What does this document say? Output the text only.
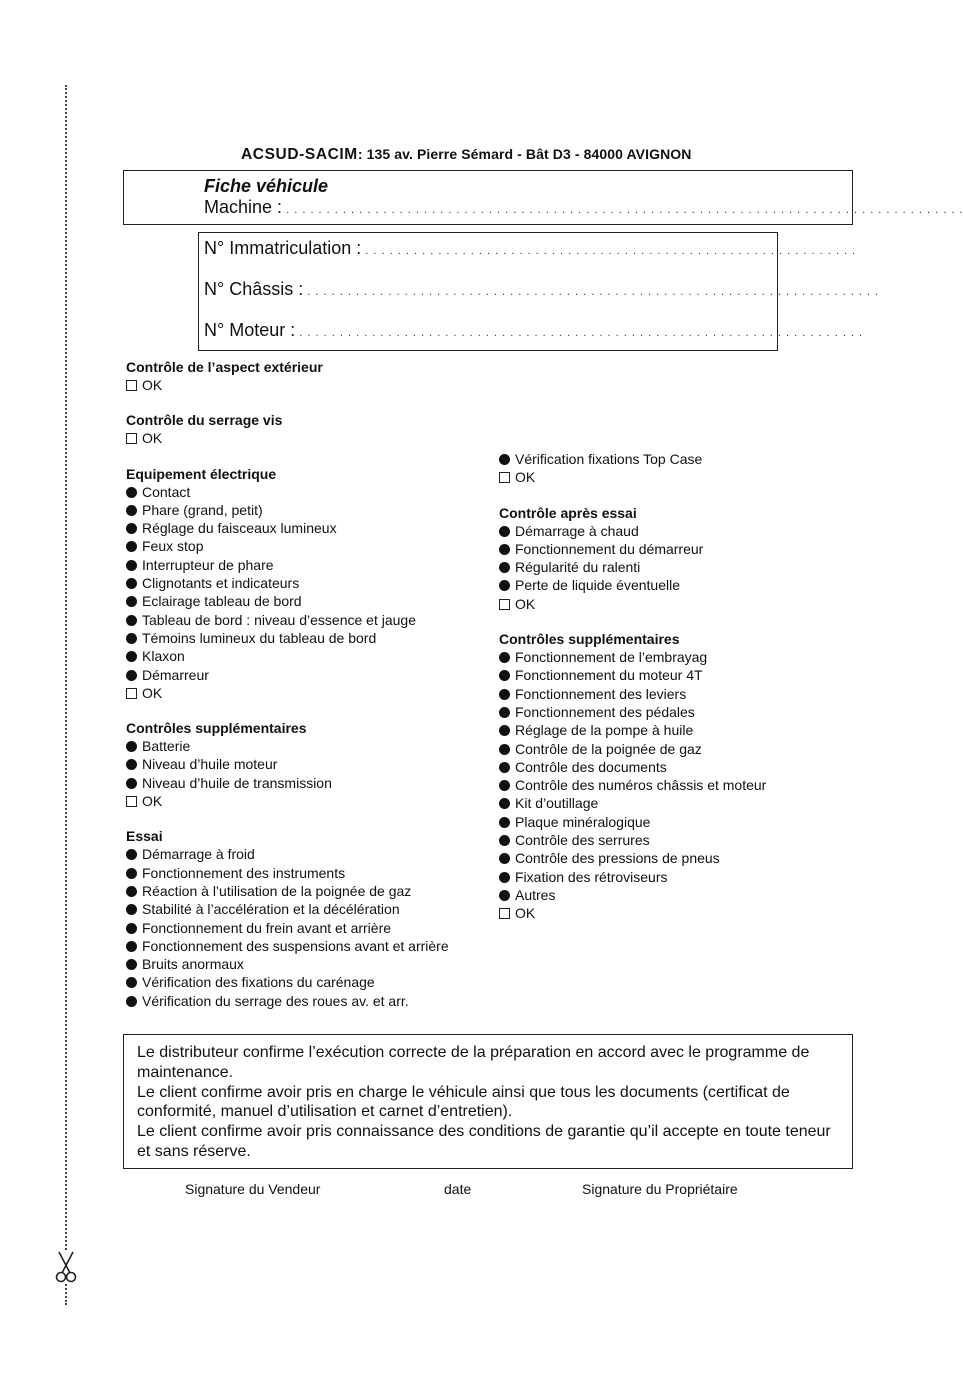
ACSUD-SACIM: 135 av. Pierre Sémard - Bât D3 - 84000 AVIGNON
Fiche véhicule
Machine : . . . . . . . . . . . . . . . . . . . . . . . . . . . . . . . . . . . . . . . . . . . . . . . . . . . . . . . . . . . . . . . . . . . . . . . . . . . . . . . . . . . .
N° Immatriculation : . . . . . . . . . . . . . . . . . . . . . . . . . . . . . . . . . . . . . . . . . . . . . . . . . . . . . . . . . . . . .
N° Châssis : . . . . . . . . . . . . . . . . . . . . . . . . . . . . . . . . . . . . . . . . . . . . . . . . . . . . . . . . . . . . . . . . . . . . . . .
N° Moteur : . . . . . . . . . . . . . . . . . . . . . . . . . . . . . . . . . . . . . . . . . . . . . . . . . . . . . . . . . . . . . . . . . . . . . .
Contrôle de l’aspect extérieur
OK
Contrôle du serrage vis
OK
Equipement électrique
Contact
Phare (grand, petit)
Réglage du faisceaux lumineux
Feux stop
Interrupteur de phare
Clignotants et indicateurs
Eclairage tableau de bord
Tableau de bord : niveau d’essence et jauge
Témoins lumineux du tableau de bord
Klaxon
Démarreur
OK
Contrôles supplémentaires
Batterie
Niveau d’huile moteur
Niveau d’huile de transmission
OK
Essai
Démarrage à froid
Fonctionnement des instruments
Réaction à l’utilisation de la poignée de gaz
Stabilité à l’accélération et la décélération
Fonctionnement du frein avant et arrière
Fonctionnement des suspensions avant et arrière
Bruits anormaux
Vérification des fixations du carénage
Vérification du serrage des roues av. et arr.
Vérification fixations Top Case
OK
Contrôle après essai
Démarrage à chaud
Fonctionnement du démarreur
Régularité du ralenti
Perte de liquide éventuelle
OK
Contrôles supplémentaires
Fonctionnement de l’embrayag
Fonctionnement du moteur 4T
Fonctionnement des leviers
Fonctionnement des pédales
Réglage de la pompe à huile
Contrôle de la poignée de gaz
Contrôle des documents
Contrôle des numéros châssis et moteur
Kit d’outillage
Plaque minéralogique
Contrôle des serrures
Contrôle des pressions de pneus
Fixation des rétroviseurs
Autres
OK

Le distributeur confirme l’exécution correcte de la préparation en accord avec le programme de maintenance.
Le client confirme avoir pris en charge le véhicule ainsi que tous les documents (certificat de conformité, manuel d’utilisation et carnet d’entretien).
Le client confirme avoir pris connaissance des conditions de garantie qu’il accepte en toute teneur et sans réserve.

Signature du Vendeur	date	Signature du Propriétaire
